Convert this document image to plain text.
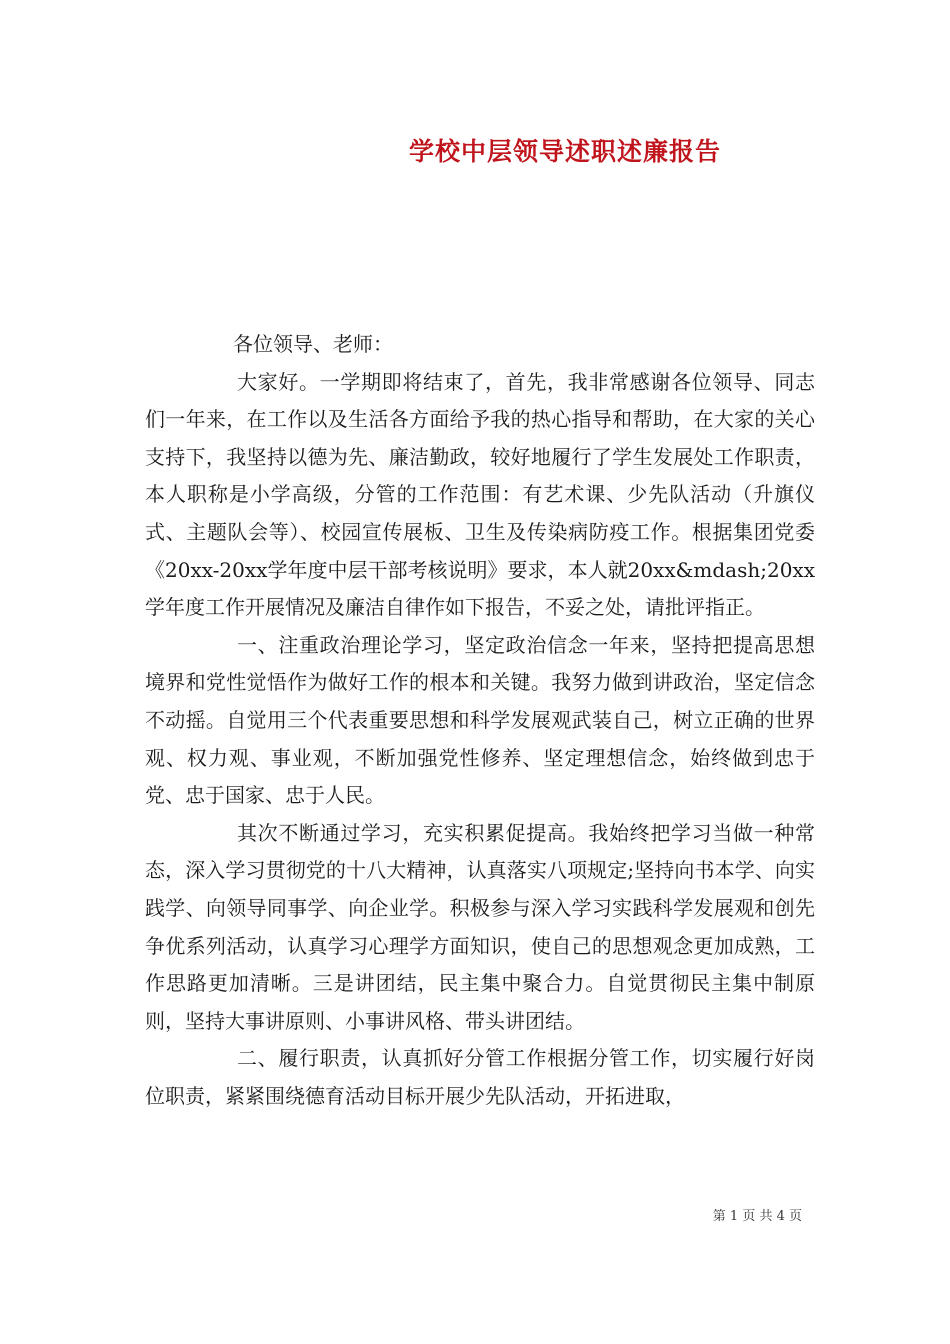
学校中层领导述职述廉报告

各位领导、老师：

大家好。一学期即将结束了，首先，我非常感谢各位领导、同志们一年来，在工作以及生活各方面给予我的热心指导和帮助，在大家的关心支持下，我坚持以德为先、廉洁勤政，较好地履行了学生发展处工作职责，本人职称是小学高级，分管的工作范围：有艺术课、少先队活动（升旗仪式、主题队会等）、校园宣传展板、卫生及传染病防疫工作。根据集团党委《20xx-20xx学年度中层干部考核说明》要求，本人就20xx&mdash;20xx学年度工作开展情况及廉洁自律作如下报告，不妥之处，请批评指正。

一、注重政治理论学习，坚定政治信念一年来，坚持把提高思想境界和党性觉悟作为做好工作的根本和关键。我努力做到讲政治，坚定信念不动摇。自觉用三个代表重要思想和科学发展观武装自己，树立正确的世界观、权力观、事业观，不断加强党性修养、坚定理想信念，始终做到忠于党、忠于国家、忠于人民。

其次不断通过学习，充实积累促提高。我始终把学习当做一种常态，深入学习贯彻党的十八大精神，认真落实八项规定;坚持向书本学、向实践学、向领导同事学、向企业学。积极参与深入学习实践科学发展观和创先争优系列活动，认真学习心理学方面知识，使自己的思想观念更加成熟，工作思路更加清晰。三是讲团结，民主集中聚合力。自觉贯彻民主集中制原则，坚持大事讲原则、小事讲风格、带头讲团结。

二、履行职责，认真抓好分管工作根据分管工作，切实履行好岗位职责，紧紧围绕德育活动目标开展少先队活动，开拓进取，

第 1 页 共 4 页
